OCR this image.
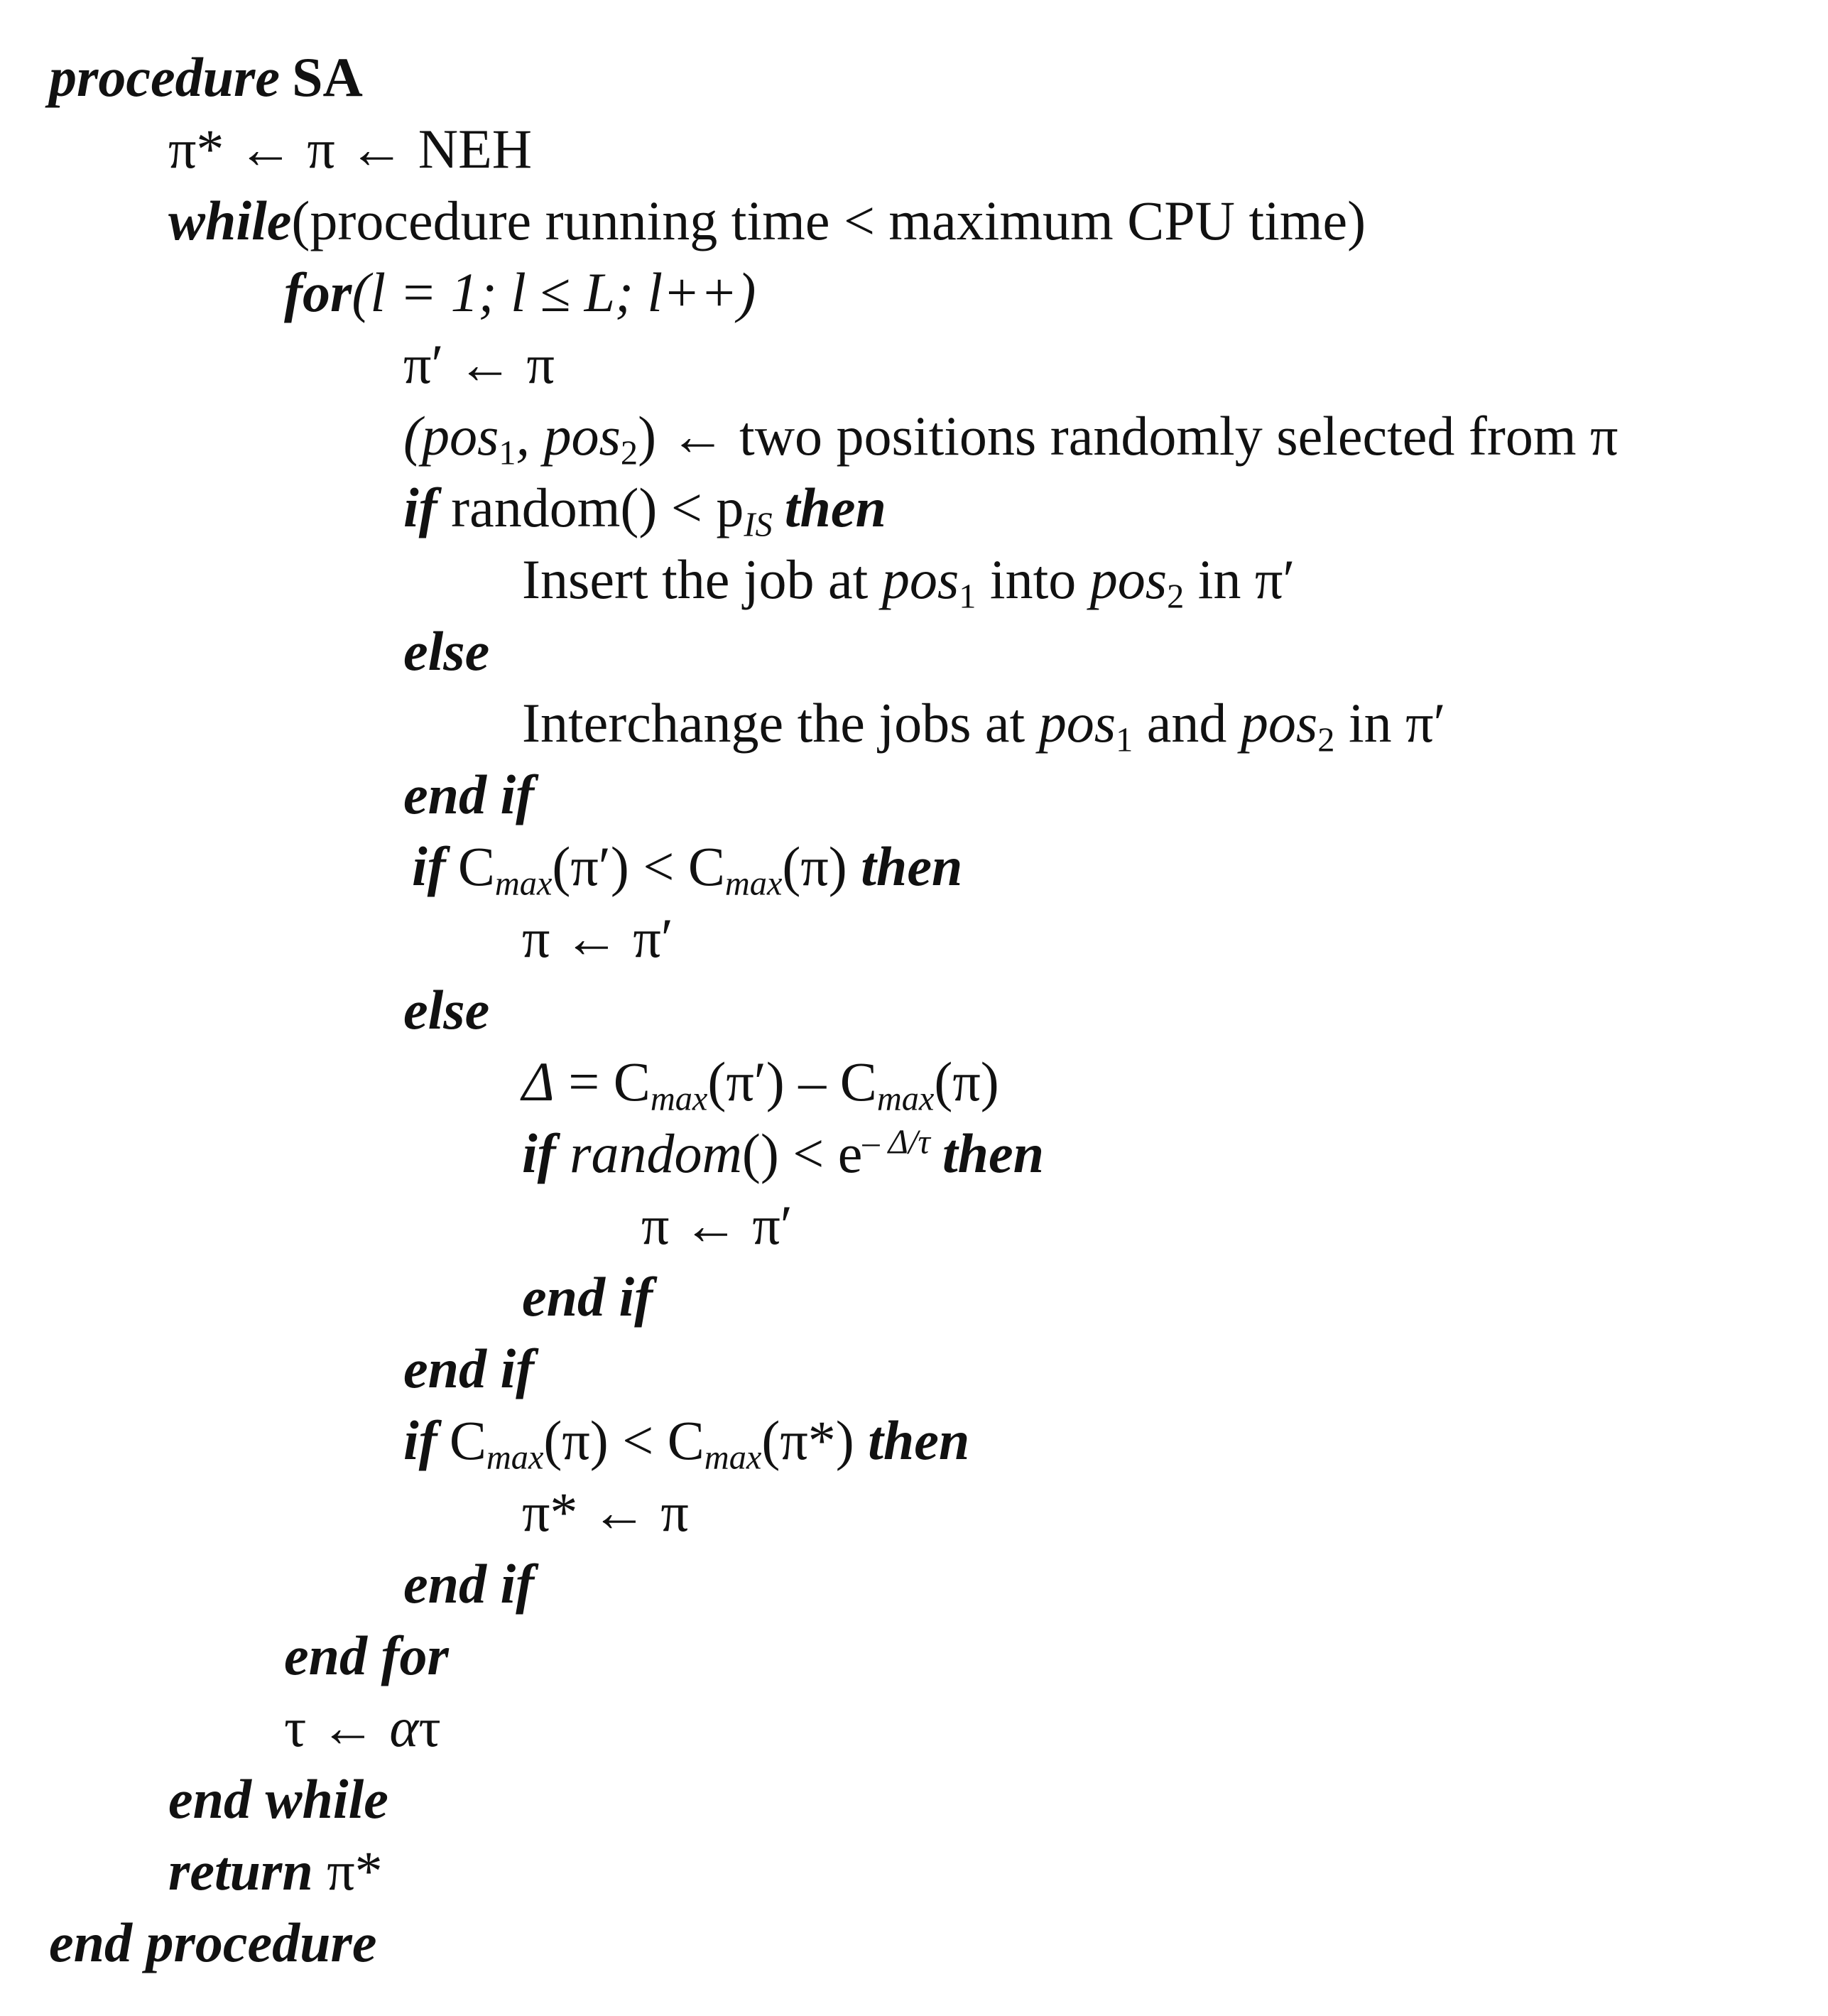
procedure SA
π* ← π ← NEH
while(procedure running time < maximum CPU time)
for(l = 1; l ≤ L; l++)
π′ ← π
(pos$_1$, pos$_2$) ← two positions randomly selected from π
if random() < $p_{IS}$ then
Insert the job at pos$_1$ into pos$_2$ in π′
else
Interchange the jobs at pos$_1$ and pos$_2$ in π′
end if
if $C_{max}(\pi') < C_{max}(\pi)$ then
π ← π′
else
$\Delta = C_{max}(\pi') - C_{max}(\pi)$
if random() < $e^{- \Delta/\tau}$ then
π ← π′
end if
end if
if $C_{max}(\pi) < C_{max}(\pi*)$ then
π* ← π
end if
end for
τ ← ατ
end while
return π*
end procedure
